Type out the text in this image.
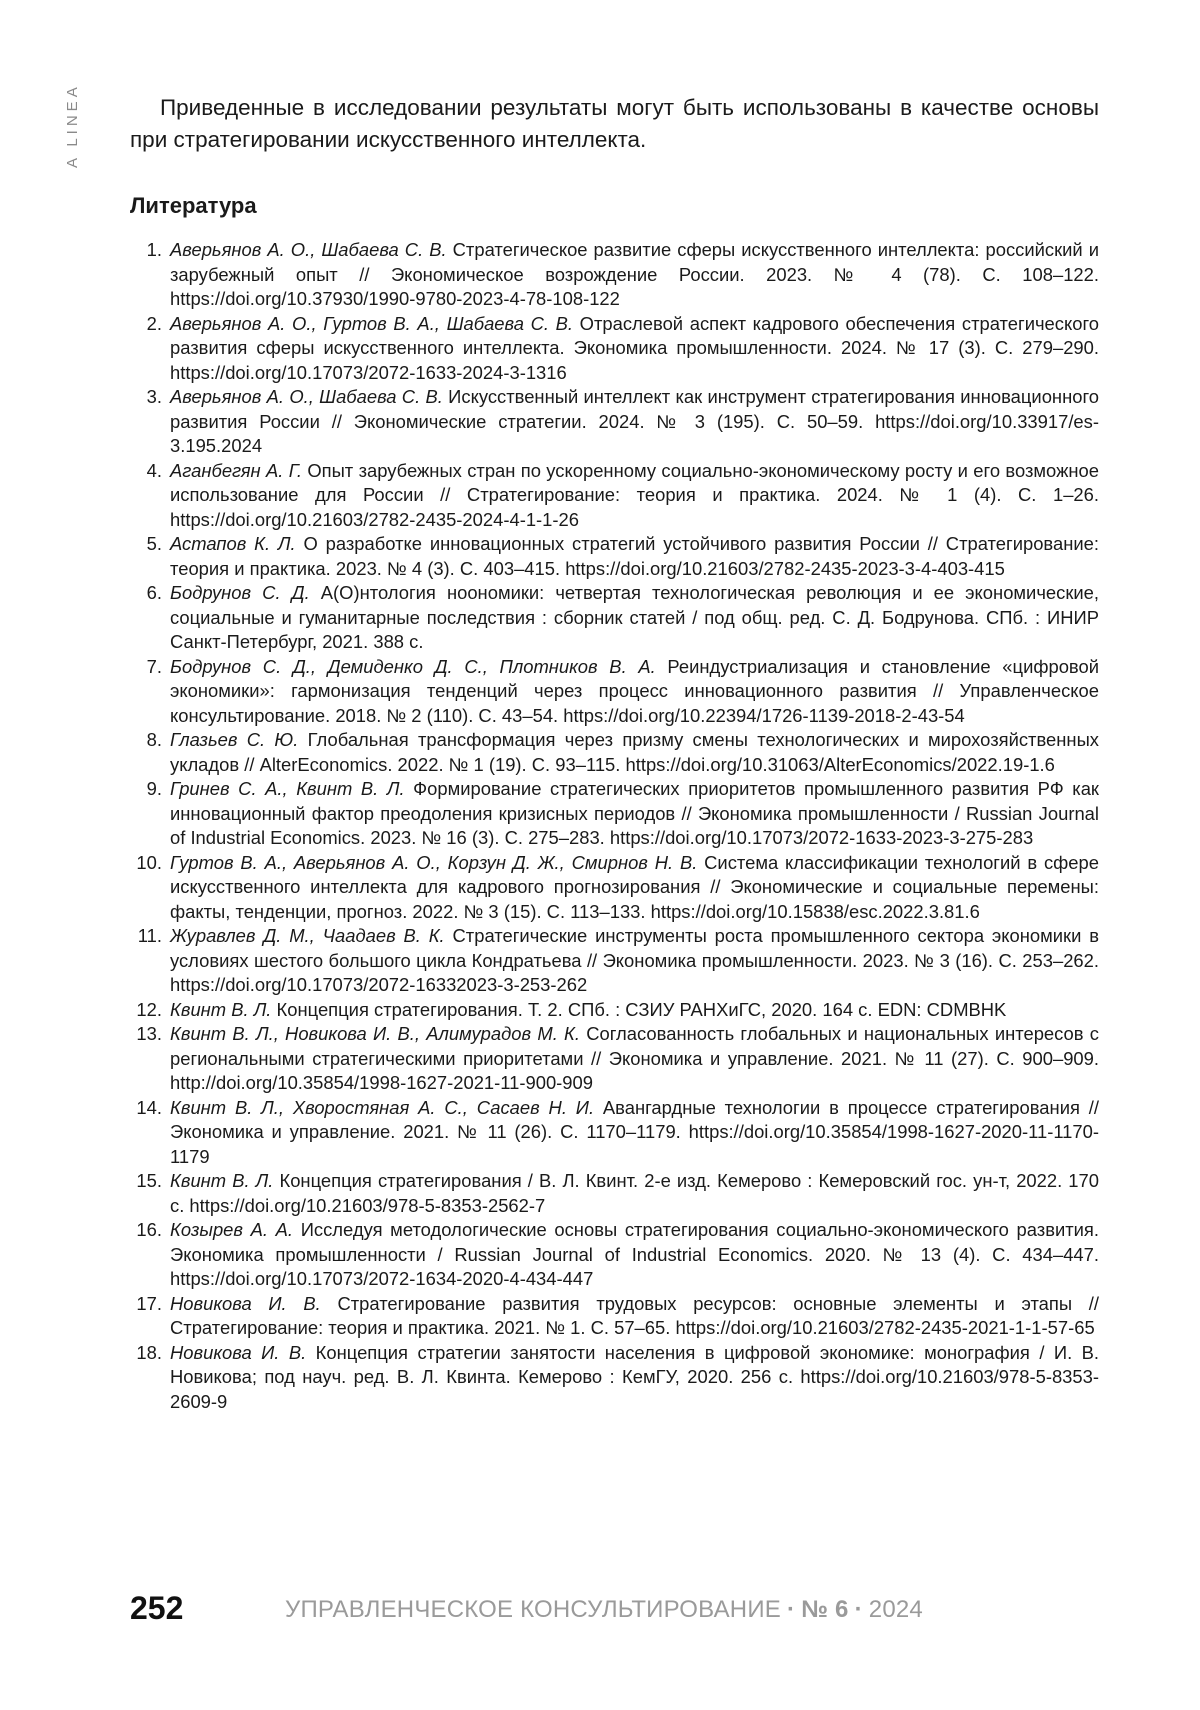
A LINEA	Приведенные в исследовании результаты могут быть использованы в качестве основы при стратегировании искусственного интеллекта.

Литература
1. Аверьянов А. О., Шабаева С. В. Стратегическое развитие сферы искусственного интеллекта: российский и зарубежный опыт // Экономическое возрождение России. 2023. № 4 (78). С. 108–122. https://doi.org/10.37930/1990-9780-2023-4-78-108-122
2. Аверьянов А. О., Гуртов В. А., Шабаева С. В. Отраслевой аспект кадрового обеспечения стратегического развития сферы искусственного интеллекта. Экономика промышленности. 2024. № 17 (3). С. 279–290. https://doi.org/10.17073/2072-1633-2024-3-1316
3. Аверьянов А. О., Шабаева С. В. Искусственный интеллект как инструмент стратегирования инновационного развития России // Экономические стратегии. 2024. № 3 (195). С. 50–59. https://doi.org/10.33917/es-3.195.2024
4. Аганбегян А. Г. Опыт зарубежных стран по ускоренному социально-экономическому росту и его возможное использование для России // Стратегирование: теория и практика. 2024. № 1 (4). С. 1–26. https://doi.org/10.21603/2782-2435-2024-4-1-1-26
5. Астапов К. Л. О разработке инновационных стратегий устойчивого развития России // Стратегирование: теория и практика. 2023. № 4 (3). С. 403–415. https://doi.org/10.21603/2782-2435-2023-3-4-403-415
6. Бодрунов С. Д. А(О)нтология ноономики: четвертая технологическая революция и ее экономические, социальные и гуманитарные последствия : сборник статей / под общ. ред. С. Д. Бодрунова. СПб. : ИНИР Санкт-Петербург, 2021. 388 с.
7. Бодрунов С. Д., Демиденко Д. С., Плотников В. А. Реиндустриализация и становление «цифровой экономики»: гармонизация тенденций через процесс инновационного развития // Управленческое консультирование. 2018. № 2 (110). С. 43–54. https://doi.org/10.22394/1726-1139-2018-2-43-54
8. Глазьев С. Ю. Глобальная трансформация через призму смены технологических и мирохозяйственных укладов // AlterEconomics. 2022. № 1 (19). С. 93–115. https://doi.org/10.31063/AlterEconomics/2022.19-1.6
9. Гринев С. А., Квинт В. Л. Формирование стратегических приоритетов промышленного развития РФ как инновационный фактор преодоления кризисных периодов // Экономика промышленности / Russian Journal of Industrial Economics. 2023. № 16 (3). С. 275–283. https://doi.org/10.17073/2072-1633-2023-3-275-283
10. Гуртов В. А., Аверьянов А. О., Корзун Д. Ж., Смирнов Н. В. Система классификации технологий в сфере искусственного интеллекта для кадрового прогнозирования // Экономические и социальные перемены: факты, тенденции, прогноз. 2022. № 3 (15). С. 113–133. https://doi.org/10.15838/esc.2022.3.81.6
11. Журавлев Д. М., Чаадаев В. К. Стратегические инструменты роста промышленного сектора экономики в условиях шестого большого цикла Кондратьева // Экономика промышленности. 2023. № 3 (16). С. 253–262. https://doi.org/10.17073/2072-16332023-3-253-262
12. Квинт В. Л. Концепция стратегирования. Т. 2. СПб. : СЗИУ РАНХиГС, 2020. 164 с. EDN: CDMBHK
13. Квинт В. Л., Новикова И. В., Алимурадов М. К. Согласованность глобальных и национальных интересов с региональными стратегическими приоритетами // Экономика и управление. 2021. № 11 (27). С. 900–909. http://doi.org/10.35854/1998-1627-2021-11-900-909
14. Квинт В. Л., Хворостяная А. С., Сасаев Н. И. Авангардные технологии в процессе стратегирования // Экономика и управление. 2021. № 11 (26). С. 1170–1179. https://doi.org/10.35854/1998-1627-2020-11-1170-1179
15. Квинт В. Л. Концепция стратегирования / В. Л. Квинт. 2-е изд. Кемерово : Кемеровский гос. ун-т, 2022. 170 с. https://doi.org/10.21603/978-5-8353-2562-7
16. Козырев А. А. Исследуя методологические основы стратегирования социально-экономического развития. Экономика промышленности / Russian Journal of Industrial Economics. 2020. № 13 (4). С. 434–447. https://doi.org/10.17073/2072-1634-2020-4-434-447
17. Новикова И. В. Стратегирование развития трудовых ресурсов: основные элементы и этапы // Стратегирование: теория и практика. 2021. № 1. С. 57–65. https://doi.org/10.21603/2782-2435-2021-1-1-57-65
18. Новикова И. В. Концепция стратегии занятости населения в цифровой экономике: монография / И. В. Новикова; под науч. ред. В. Л. Квинта. Кемерово : КемГУ, 2020. 256 с. https://doi.org/10.21603/978-5-8353-2609-9
252	УПРАВЛЕНЧЕСКОЕ КОНСУЛЬТИРОВАНИЕ · № 6 · 2024
